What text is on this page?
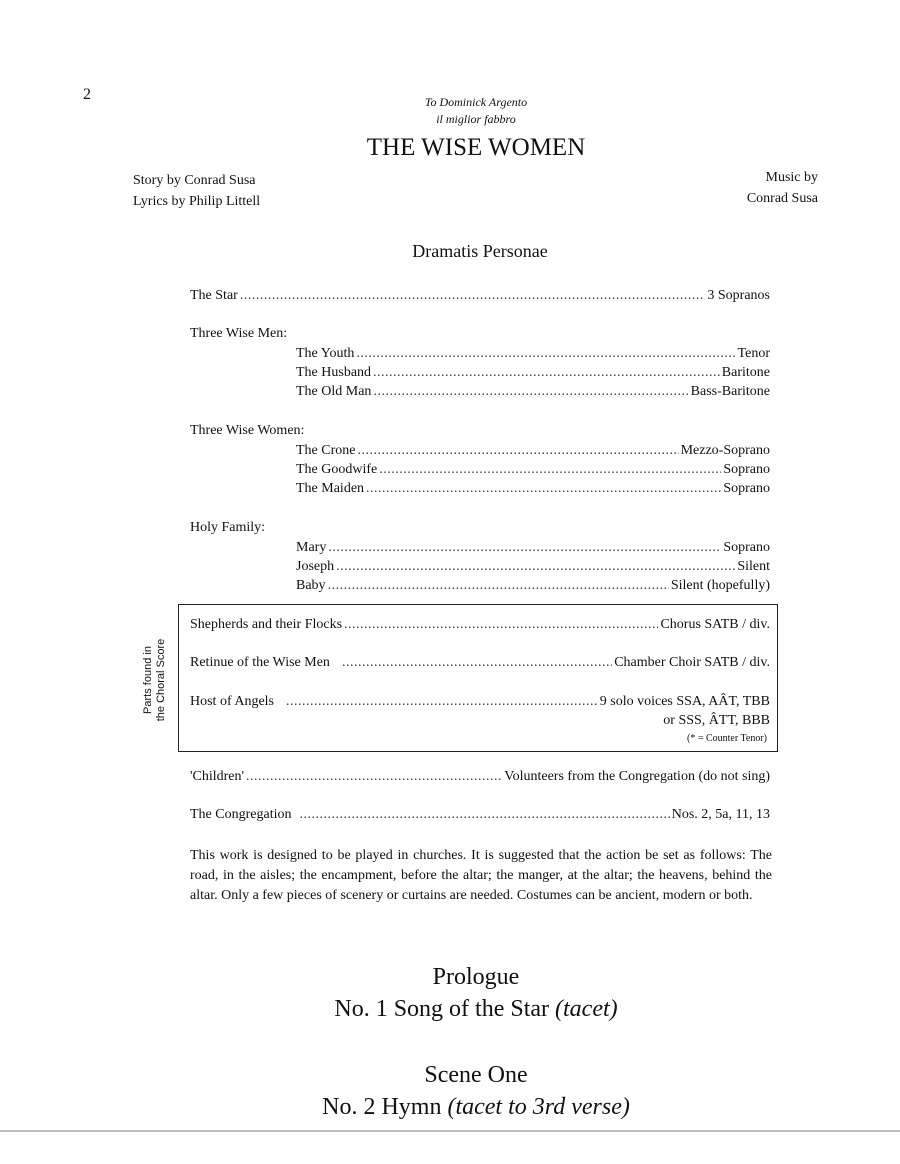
2	To Dominick Argento
il miglior fabbro
THE WISE WOMEN
Story by Conrad Susa
Lyrics by Philip Littell
Music by
Conrad Susa
Dramatis Personae
The Star .....	3 Sopranos
Three Wise Men:
The Youth .....	Tenor
The Husband .....	Baritone
The Old Man .....	Bass-Baritone
Three Wise Women:
The Crone .....	Mezzo-Soprano
The Goodwife .....	Soprano
The Maiden .....	Soprano
Holy Family:
Mary .....	Soprano
Joseph .....	Silent
Baby .....	Silent (hopefully)
Parts found in the Choral Score
Shepherds and their Flocks .....	Chorus SATB / div.
Retinue of the Wise Men .....	Chamber Choir SATB / div.
Host of Angels .....	9 solo voices SSA, AÂT, TBB
or SSS, ÂTT, BBB
(* = Counter Tenor)
'Children' .....	Volunteers from the Congregation (do not sing)
The Congregation .....	Nos. 2, 5a, 11, 13
This work is designed to be played in churches. It is suggested that the action be set as follows: The road, in the aisles; the encampment, before the altar; the manger, at the altar; the heavens, behind the altar. Only a few pieces of scenery or curtains are needed. Costumes can be ancient, modern or both.
Prologue
No. 1 Song of the Star (tacet)
Scene One
No. 2 Hymn (tacet to 3rd verse)
